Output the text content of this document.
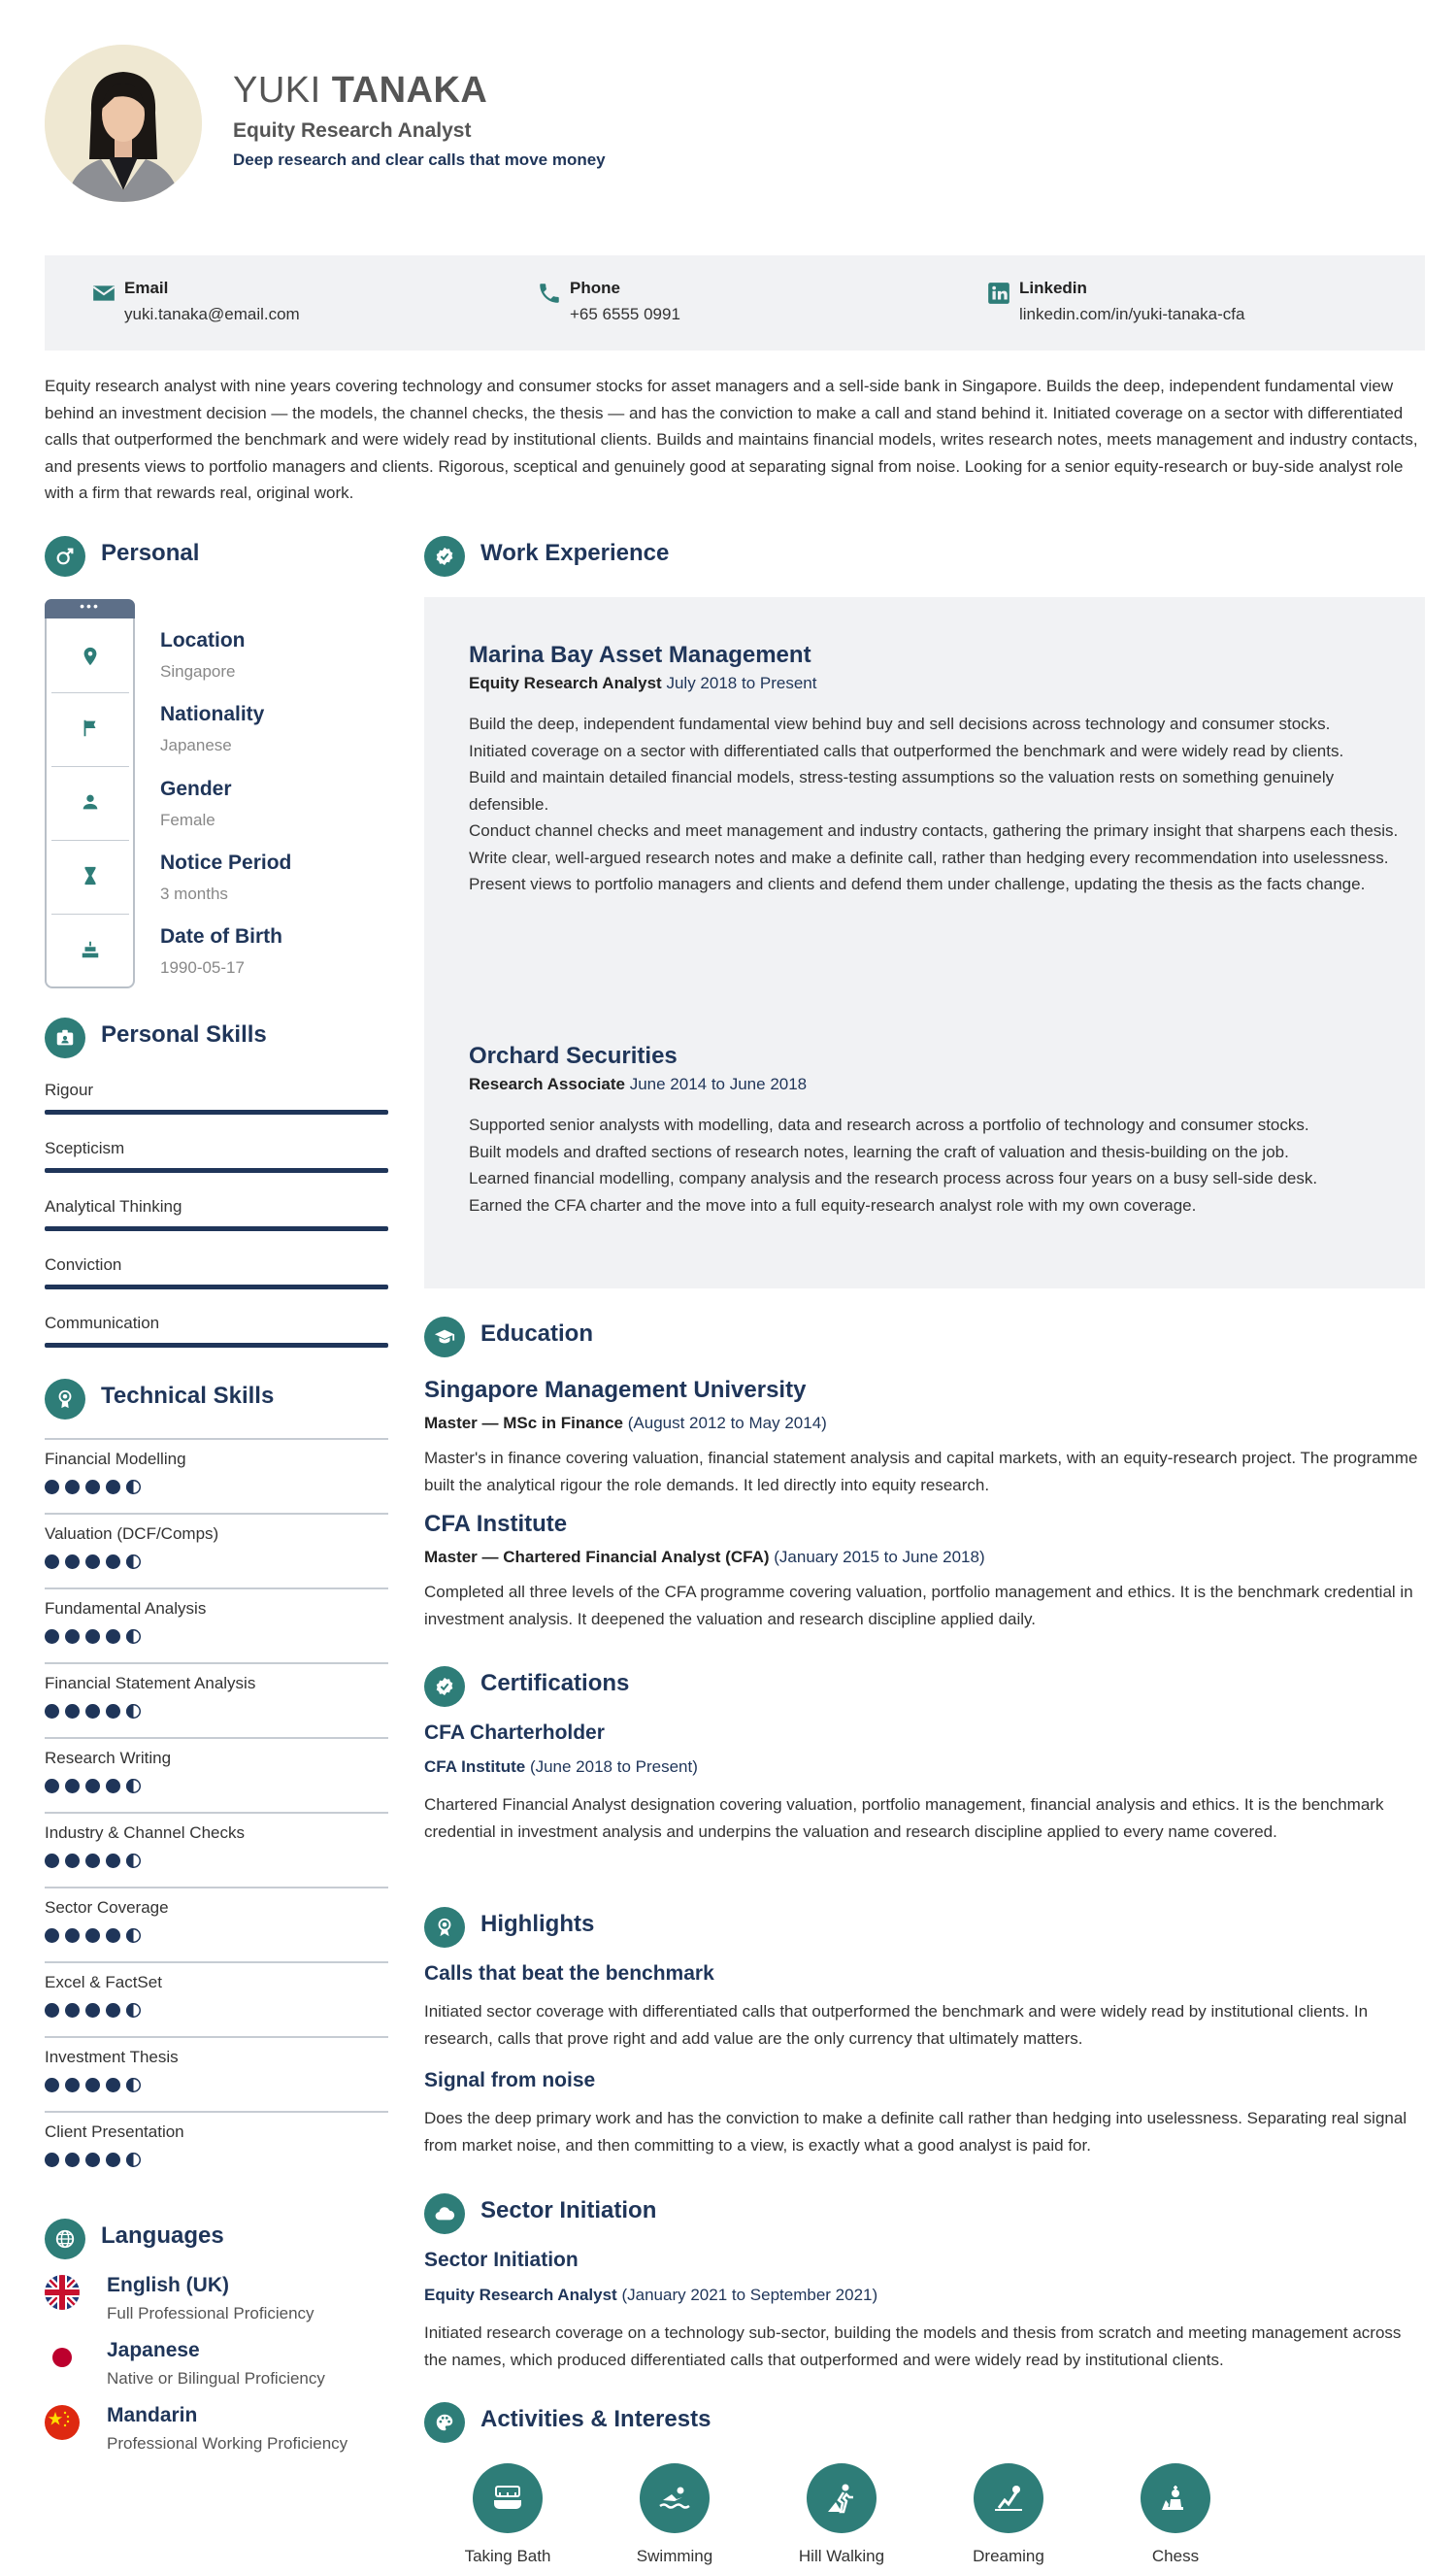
YUKI TANAKA
Equity Research Analyst
Deep research and clear calls that move money
Email
yuki.tanaka@email.com
Phone
+65 6555 0991
Linkedin
linkedin.com/in/yuki-tanaka-cfa
Equity research analyst with nine years covering technology and consumer stocks for asset managers and a sell-side bank in Singapore. Builds the deep, independent fundamental view behind an investment decision — the models, the channel checks, the thesis — and has the conviction to make a call and stand behind it. Initiated coverage on a sector with differentiated calls that outperformed the benchmark and were widely read by institutional clients. Builds and maintains financial models, writes research notes, meets management and industry contacts, and presents views to portfolio managers and clients. Rigorous, sceptical and genuinely good at separating signal from noise. Looking for a senior equity-research or buy-side analyst role with a firm that rewards real, original work.
Personal
•••
Location
Singapore
Nationality
Japanese
Gender
Female
Notice Period
3 months
Date of Birth
1990-05-17
Personal Skills
Rigour
Scepticism
Analytical Thinking
Conviction
Communication
Technical Skills
Financial Modelling
Valuation (DCF/Comps)
Fundamental Analysis
Financial Statement Analysis
Research Writing
Industry & Channel Checks
Sector Coverage
Excel & FactSet
Investment Thesis
Client Presentation
Languages
English (UK)
Full Professional Proficiency
Japanese
Native or Bilingual Proficiency
Mandarin
Professional Working Proficiency
Work Experience
Marina Bay Asset Management
Equity Research Analyst July 2018 to Present
Build the deep, independent fundamental view behind buy and sell decisions across technology and consumer stocks.
Initiated coverage on a sector with differentiated calls that outperformed the benchmark and were widely read by clients.
Build and maintain detailed financial models, stress-testing assumptions so the valuation rests on something genuinely defensible.
Conduct channel checks and meet management and industry contacts, gathering the primary insight that sharpens each thesis.
Write clear, well-argued research notes and make a definite call, rather than hedging every recommendation into uselessness.
Present views to portfolio managers and clients and defend them under challenge, updating the thesis as the facts change.
Orchard Securities
Research Associate June 2014 to June 2018
Supported senior analysts with modelling, data and research across a portfolio of technology and consumer stocks.
Built models and drafted sections of research notes, learning the craft of valuation and thesis-building on the job.
Learned financial modelling, company analysis and the research process across four years on a busy sell-side desk.
Earned the CFA charter and the move into a full equity-research analyst role with my own coverage.
Education
Singapore Management University
Master — MSc in Finance (August 2012 to May 2014)
Master's in finance covering valuation, financial statement analysis and capital markets, with an equity-research project. The programme built the analytical rigour the role demands. It led directly into equity research.
CFA Institute
Master — Chartered Financial Analyst (CFA) (January 2015 to June 2018)
Completed all three levels of the CFA programme covering valuation, portfolio management and ethics. It is the benchmark credential in investment analysis. It deepened the valuation and research discipline applied daily.
Certifications
CFA Charterholder
CFA Institute (June 2018 to Present)
Chartered Financial Analyst designation covering valuation, portfolio management, financial analysis and ethics. It is the benchmark credential in investment analysis and underpins the valuation and research discipline applied to every name covered.
Highlights
Calls that beat the benchmark
Initiated sector coverage with differentiated calls that outperformed the benchmark and were widely read by institutional clients. In research, calls that prove right and add value are the only currency that ultimately matters.
Signal from noise
Does the deep primary work and has the conviction to make a definite call rather than hedging into uselessness. Separating real signal from market noise, and then committing to a view, is exactly what a good analyst is paid for.
Sector Initiation
Sector Initiation
Equity Research Analyst (January 2021 to September 2021)
Initiated research coverage on a technology sub-sector, building the models and thesis from scratch and meeting management across the names, which produced differentiated calls that outperformed and were widely read by institutional clients.
Activities & Interests
Taking Bath	Swimming	Hill Walking	Dreaming	Chess
